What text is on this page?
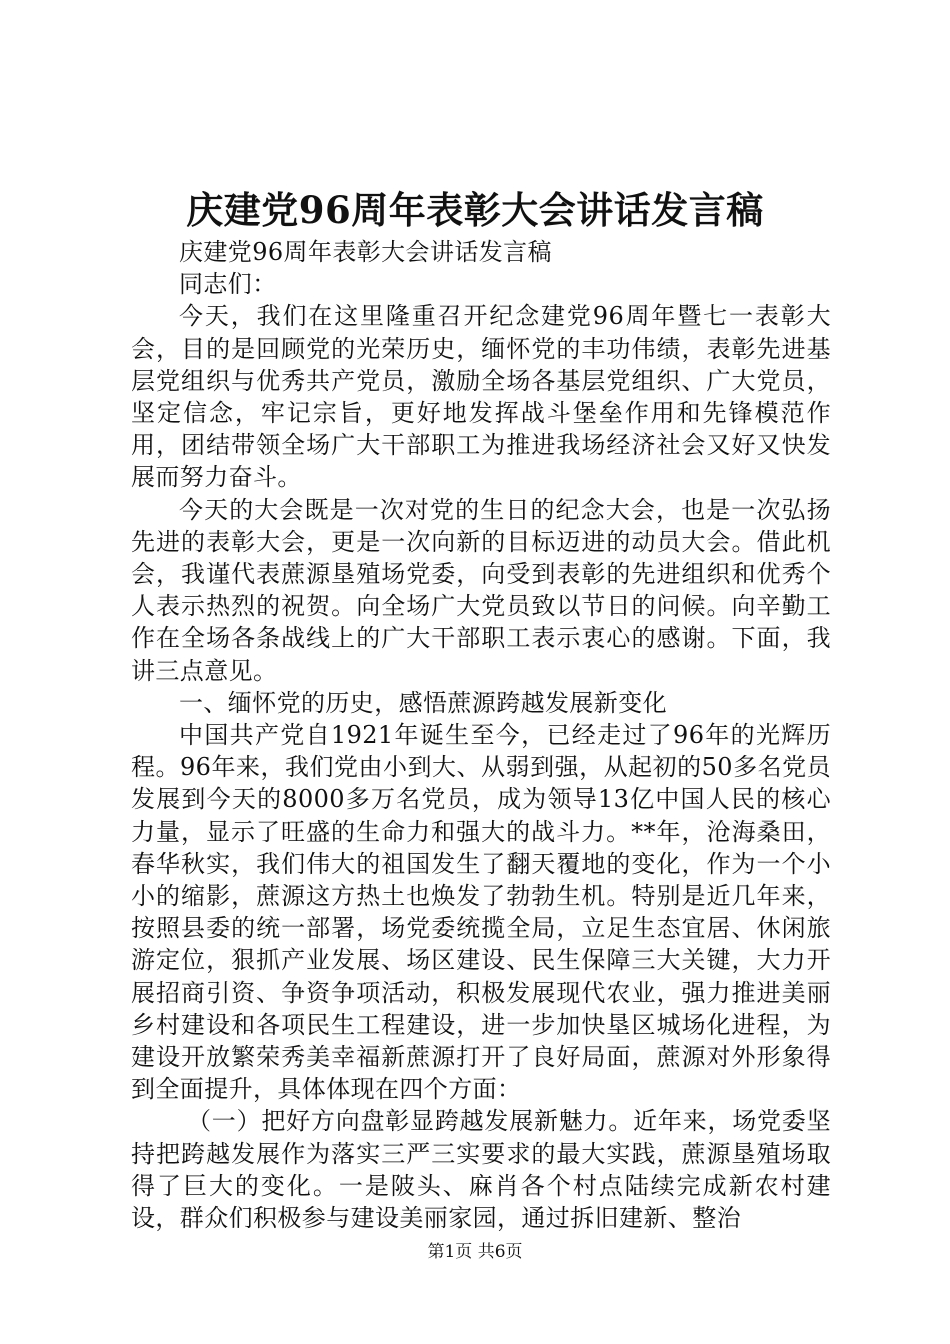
庆建党96周年表彰大会讲话发言稿

庆建党96周年表彰大会讲话发言稿

同志们：

今天，我们在这里隆重召开纪念建党96周年暨七一表彰大会，目的是回顾党的光荣历史，缅怀党的丰功伟绩，表彰先进基层党组织与优秀共产党员，激励全场各基层党组织、广大党员，坚定信念，牢记宗旨，更好地发挥战斗堡垒作用和先锋模范作用，团结带领全场广大干部职工为推进我场经济社会又好又快发展而努力奋斗。

今天的大会既是一次对党的生日的纪念大会，也是一次弘扬先进的表彰大会，更是一次向新的目标迈进的动员大会。借此机会，我谨代表蔗源垦殖场党委，向受到表彰的先进组织和优秀个人表示热烈的祝贺。向全场广大党员致以节日的问候。向辛勤工作在全场各条战线上的广大干部职工表示衷心的感谢。下面，我讲三点意见。

一、缅怀党的历史，感悟蔗源跨越发展新变化

中国共产党自1921年诞生至今，已经走过了96年的光辉历程。96年来，我们党由小到大、从弱到强，从起初的50多名党员发展到今天的8000多万名党员，成为领导13亿中国人民的核心力量，显示了旺盛的生命力和强大的战斗力。**年，沧海桑田，春华秋实，我们伟大的祖国发生了翻天覆地的变化，作为一个小小的缩影，蔗源这方热土也焕发了勃勃生机。特别是近几年来，按照县委的统一部署，场党委统揽全局，立足生态宜居、休闲旅游定位，狠抓产业发展、场区建设、民生保障三大关键，大力开展招商引资、争资争项活动，积极发展现代农业，强力推进美丽乡村建设和各项民生工程建设，进一步加快垦区城场化进程，为建设开放繁荣秀美幸福新蔗源打开了良好局面，蔗源对外形象得到全面提升，具体体现在四个方面：

（一）把好方向盘彰显跨越发展新魅力。近年来，场党委坚持把跨越发展作为落实三严三实要求的最大实践，蔗源垦殖场取得了巨大的变化。一是陂头、麻肖各个村点陆续完成新农村建设，群众们积极参与建设美丽家园，通过拆旧建新、整治

第1页 共6页
